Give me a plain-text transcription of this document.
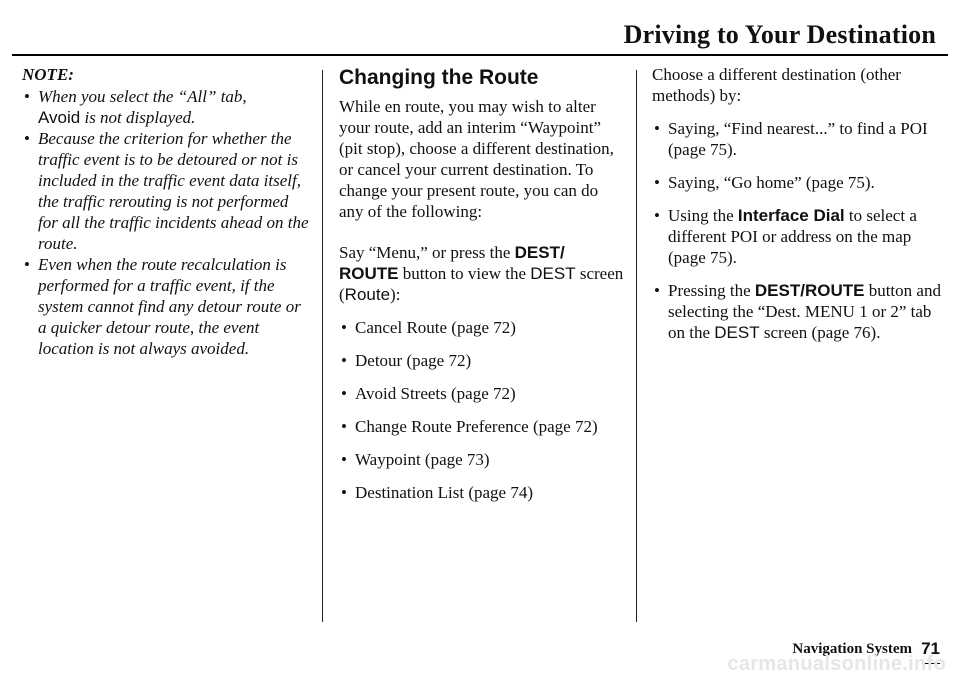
Driving to Your Destination
NOTE:
• When you select the “All” tab,
Avoid is not displayed.
• Because the criterion for whether the traffic event is to be detoured or not is included in the traffic event data itself, the traffic rerouting is not performed for all the traffic incidents ahead on the route.
• Even when the route recalculation is performed for a traffic event, if the system cannot find any detour route or a quicker detour route, the event location is not always avoided.
Changing the Route

While en route, you may wish to alter your route, add an interim “Waypoint” (pit stop), choose a different destination, or cancel your current destination. To change your present route, you can do any of the following:

Say “Menu,” or press the DEST/ ROUTE button to view the DEST screen (Route):

• Cancel Route (page 72)
• Detour (page 72)
• Avoid Streets (page 72)
• Change Route Preference (page 72)
• Waypoint (page 73)
• Destination List (page 74)

Choose a different destination (other methods) by:

• Saying, “Find nearest...” to find a POI (page 75).
• Saying, “Go home” (page 75).
• Using the Interface Dial to select a different POI or address on the map (page 75).
• Pressing the DEST/ROUTE button and selecting the “Dest. MENU 1 or 2” tab on the DEST screen (page 76).
Navigation System 71
carmanualsonline.info
